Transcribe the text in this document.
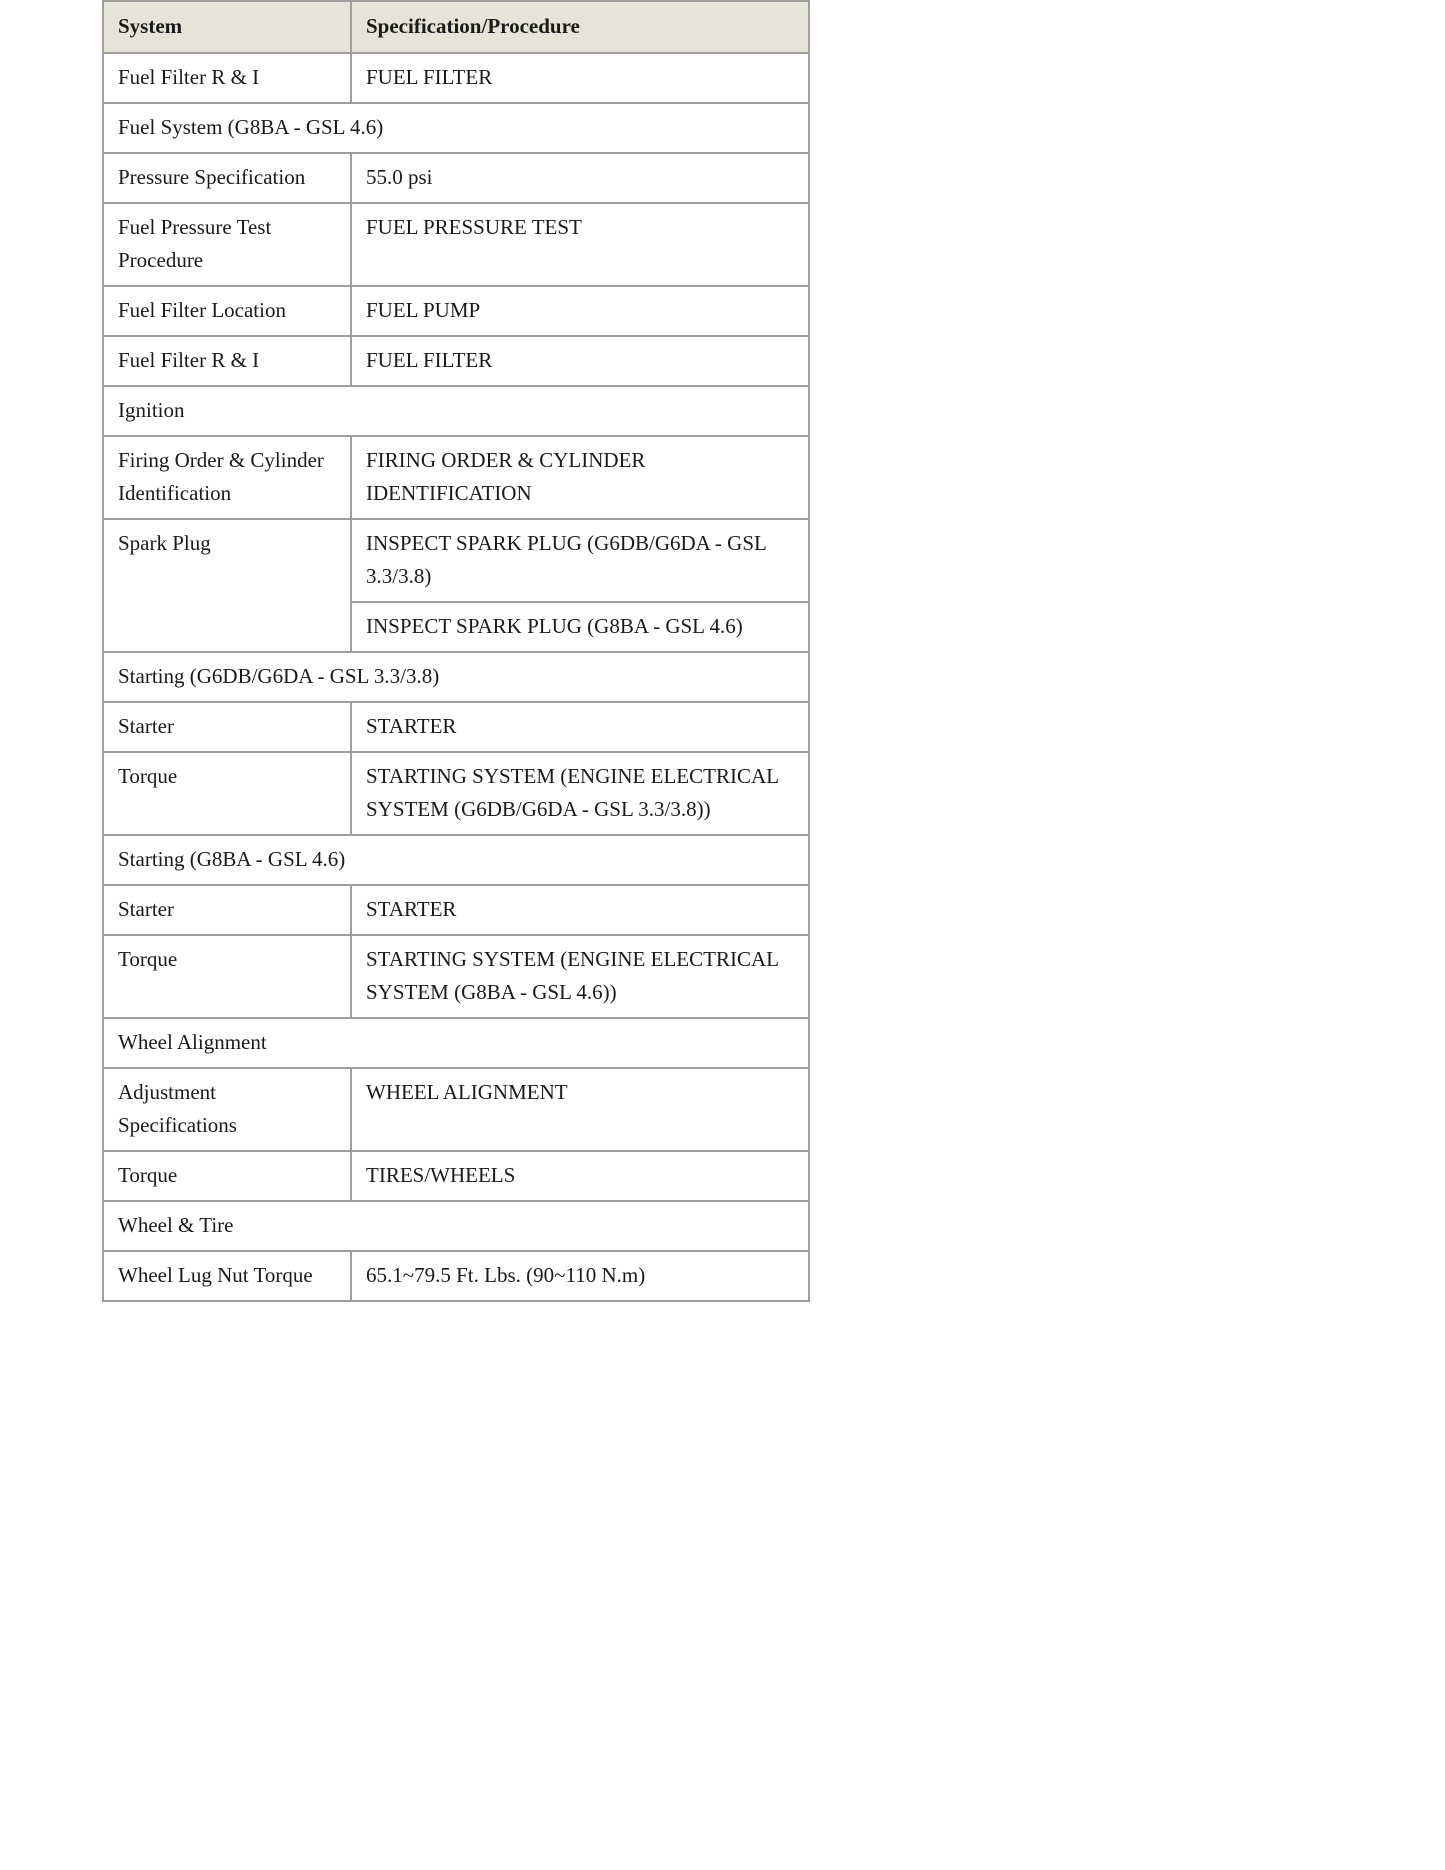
System	Specification/Procedure
Fuel Filter R & I	FUEL FILTER
Fuel System (G8BA - GSL 4.6)	
Pressure Specification	55.0 psi
Fuel Pressure Test Procedure	FUEL PRESSURE TEST
Fuel Filter Location	FUEL PUMP
Fuel Filter R & I	FUEL FILTER
Ignition	
Firing Order & Cylinder Identification	FIRING ORDER & CYLINDER IDENTIFICATION
Spark Plug	INSPECT SPARK PLUG (G6DB/G6DA - GSL 3.3/3.8)
	INSPECT SPARK PLUG (G8BA - GSL 4.6)
Starting (G6DB/G6DA - GSL 3.3/3.8)	
Starter	STARTER
Torque	STARTING SYSTEM (ENGINE ELECTRICAL SYSTEM (G6DB/G6DA - GSL 3.3/3.8))
Starting (G8BA - GSL 4.6)	
Starter	STARTER
Torque	STARTING SYSTEM (ENGINE ELECTRICAL SYSTEM (G8BA - GSL 4.6))
Wheel Alignment	
Adjustment Specifications	WHEEL ALIGNMENT
Torque	TIRES/WHEELS
Wheel & Tire	
Wheel Lug Nut Torque	65.1~79.5 Ft. Lbs. (90~110 N.m)
